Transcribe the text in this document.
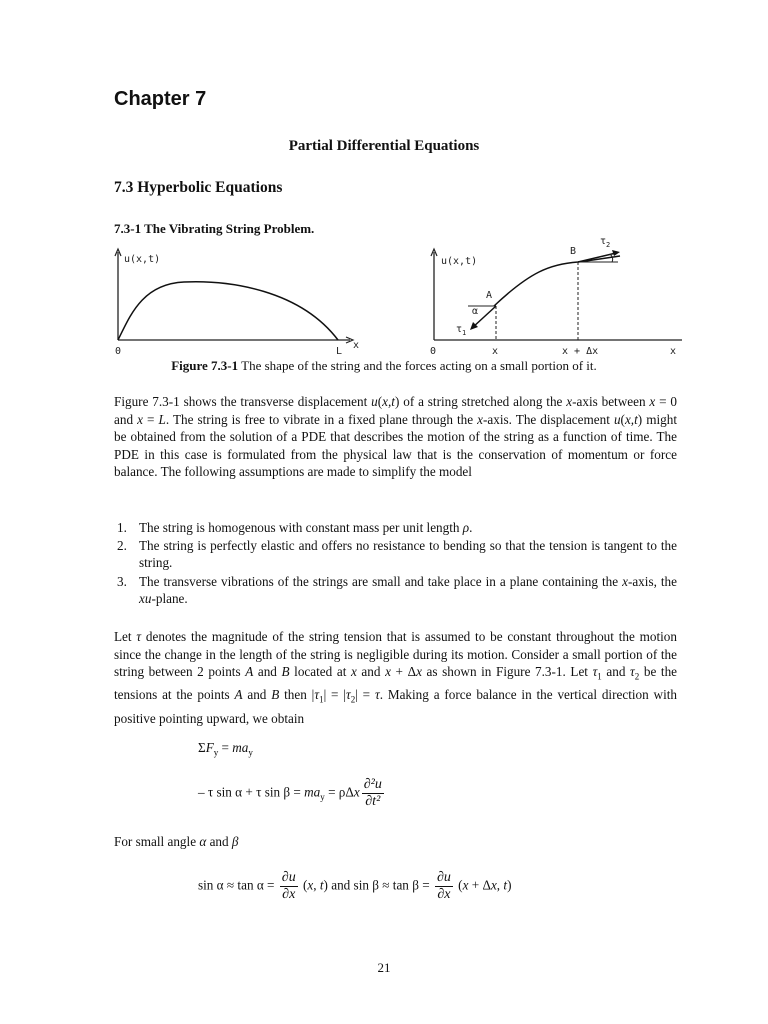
Chapter 7
Partial Differential Equations
7.3 Hyperbolic Equations
7.3-1 The Vibrating String Problem.
u(x,t)
0	L
x
u(x,t)
A
B
α
$\tau_1$
$\tau_2$
0	x	x + Δx	x

Figure 7.3-1 The shape of the string and the forces acting on a small portion of it.

Figure 7.3-1 shows the transverse displacement u(x,t) of a string stretched along the x-axis between x = 0 and x = L. The string is free to vibrate in a fixed plane through the x-axis. The displacement u(x,t) might be obtained from the solution of a PDE that describes the motion of the string as a function of time. The PDE in this case is formulated from the physical law that is the conservation of momentum or force balance. The following assumptions are made to simplify the model

1. The string is homogenous with constant mass per unit length ρ.
2. The string is perfectly elastic and offers no resistance to bending so that the tension is tangent to the string.
3. The transverse vibrations of the strings are small and take place in a plane containing the x-axis, the xu-plane.

Let τ denotes the magnitude of the string tension that is assumed to be constant throughout the motion since the change in the length of the string is negligible during its motion. Consider a small portion of the string between 2 points A and B located at x and x + Δx as shown in Figure 7.3-1. Let $\tau_1$ and $\tau_2$ be the tensions at the points A and B then $|\tau_1| = |\tau_2| = \tau$. Making a force balance in the vertical direction with positive pointing upward, we obtain

$\Sigma F_y = ma_y$

– τ sin α + τ $\sin \beta = ma_y = \rho\Delta x \frac{\text{∂²u}}{\text{∂t²}}$

For small angle α and β

$\sin \alpha \approx \tan \alpha = \frac{\partial u}{\partial x} (x$, t) and $\sin \beta \approx \tan \beta = \frac{\partial u}{\partial x} (x + \Delta x$, t)

21
